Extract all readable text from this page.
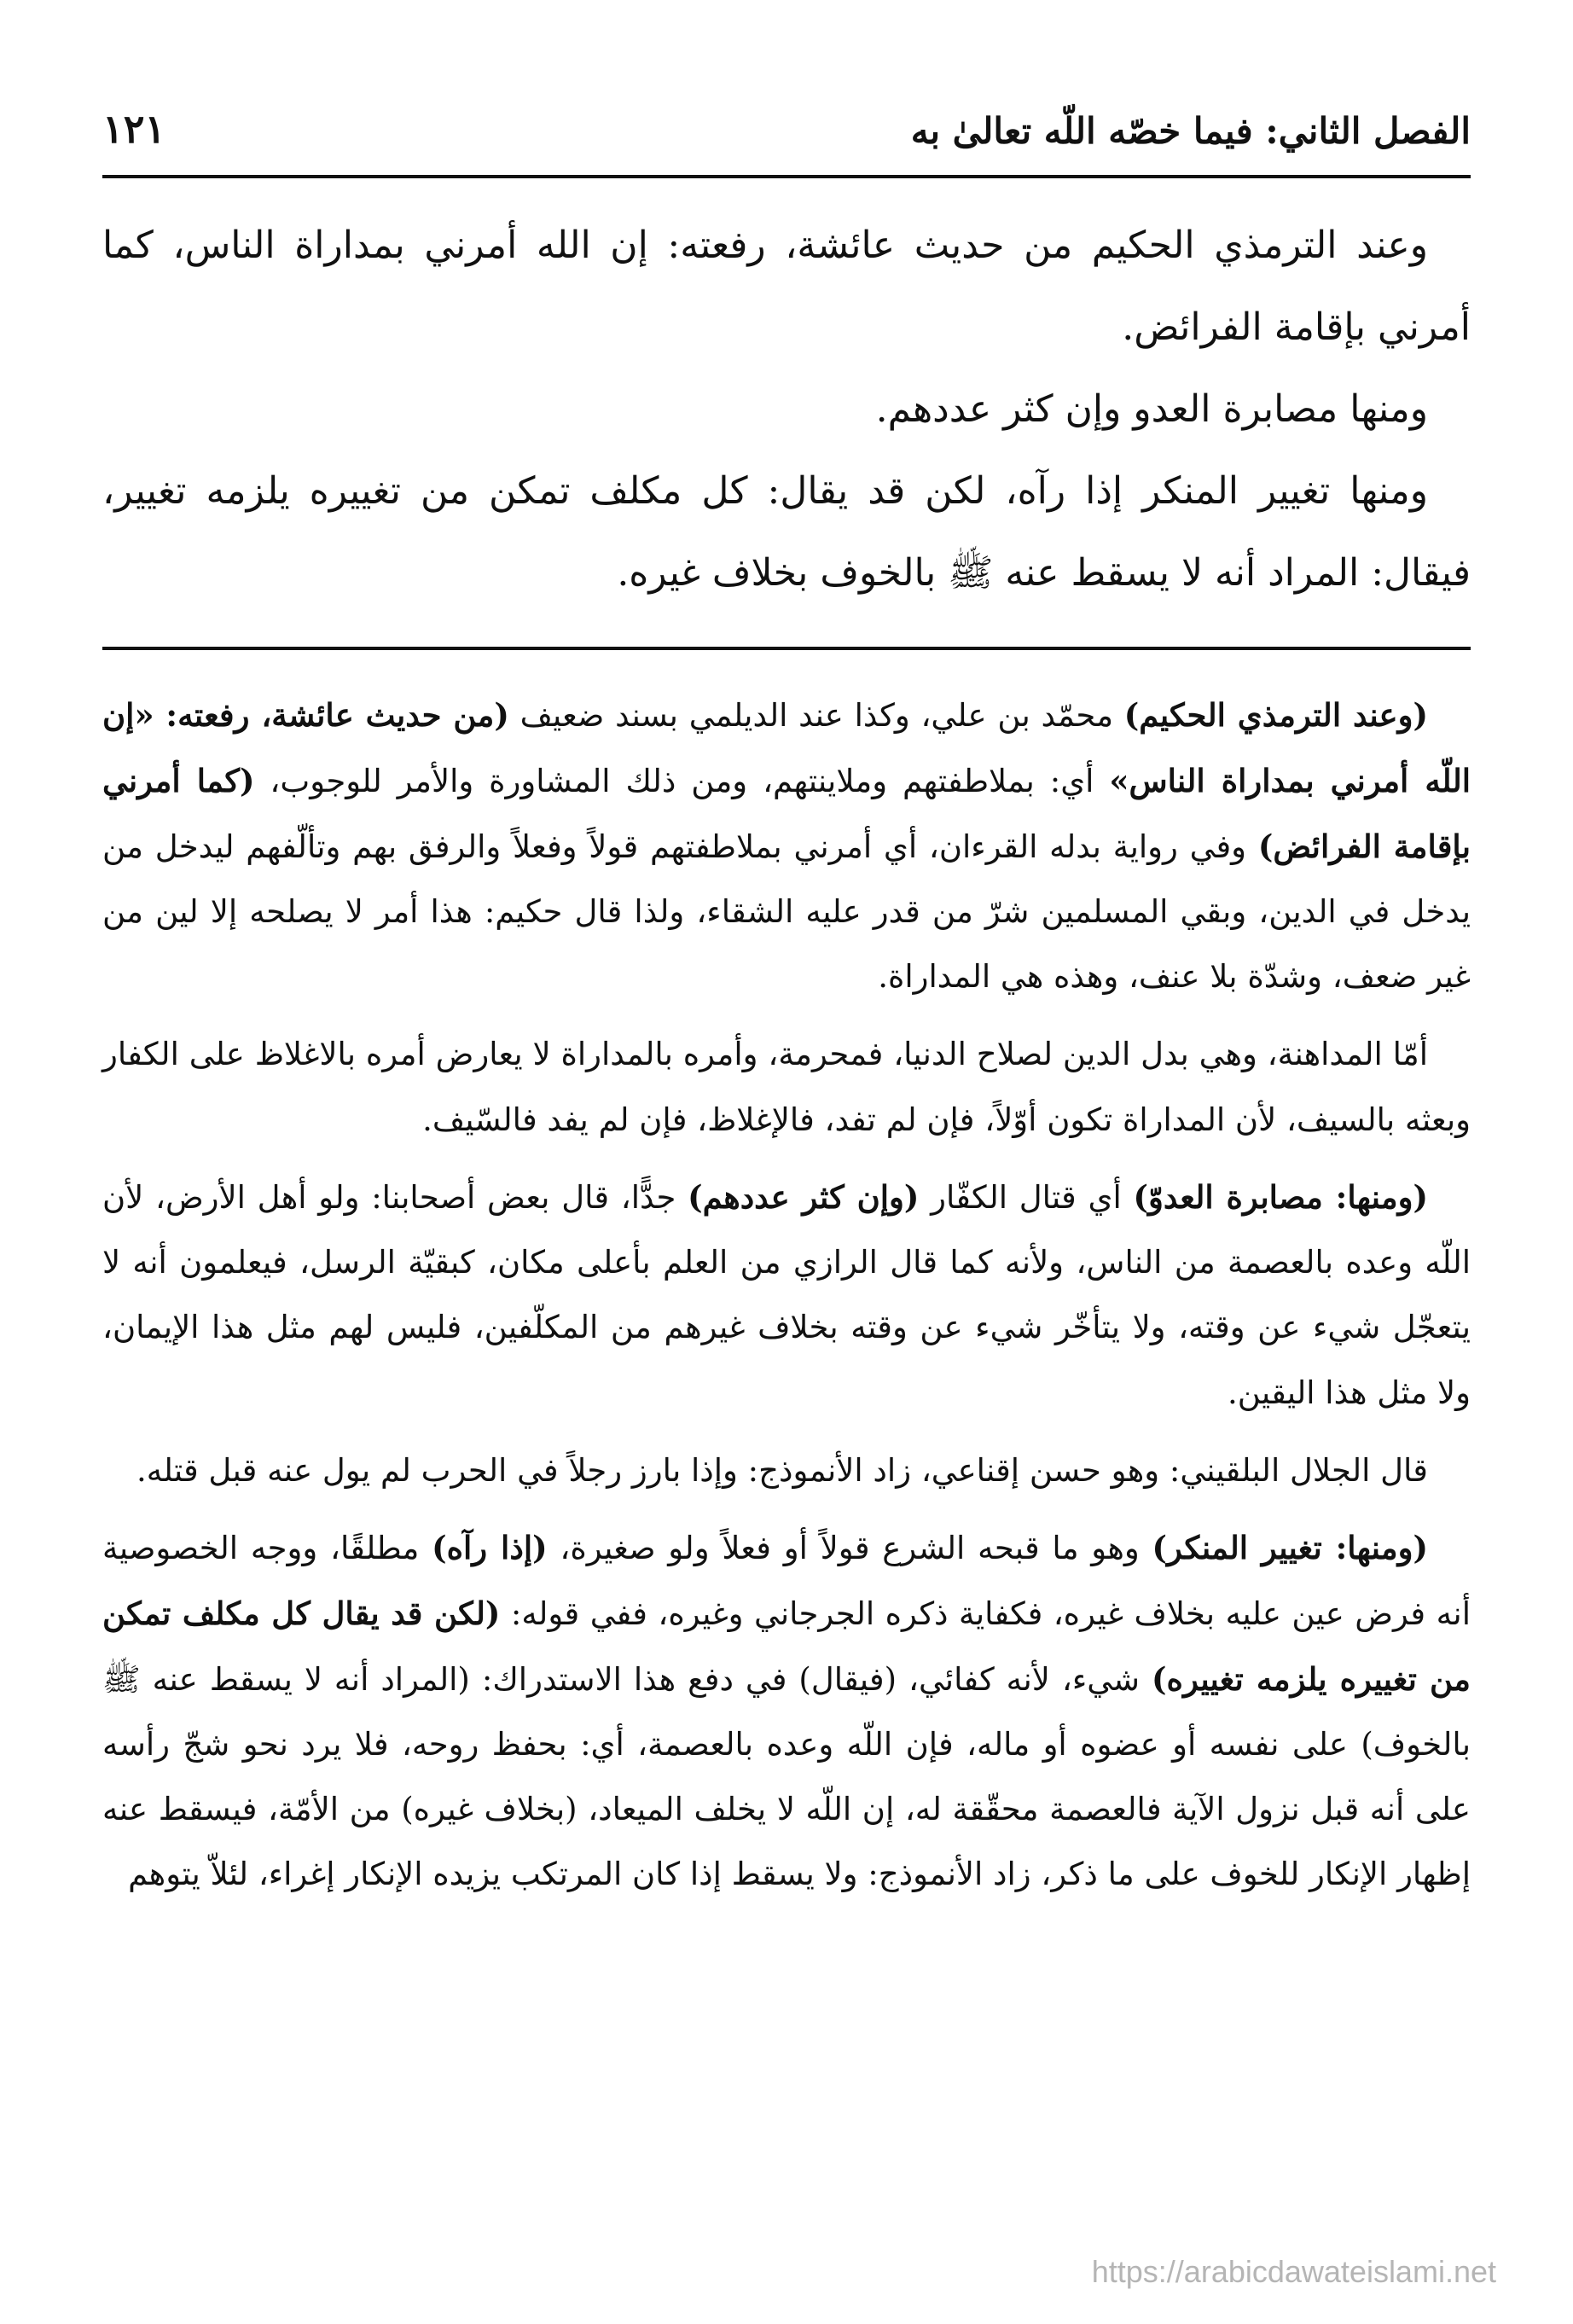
الفصل الثاني: فيما خصّه اللّه تعالىٰ به
١٢١

وعند الترمذي الحكيم من حديث عائشة، رفعته: إن الله أمرني بمداراة الناس، كما أمرني بإقامة الفرائض.

ومنها مصابرة العدو وإن كثر عددهم.

ومنها تغيير المنكر إذا رآه، لكن قد يقال: كل مكلف تمكن من تغييره يلزمه تغيير، فيقال: المراد أنه لا يسقط عنه ﷺ بالخوف بخلاف غيره.

(وعند الترمذي الحكيم) محمّد بن علي، وكذا عند الديلمي بسند ضعيف (من حديث عائشة، رفعته: «إن اللّه أمرني بمداراة الناس» أي: بملاطفتهم وملاينتهم، ومن ذلك المشاورة والأمر للوجوب، (كما أمرني بإقامة الفرائض) وفي رواية بدله القرءان، أي أمرني بملاطفتهم قولاً وفعلاً والرفق بهم وتألّفهم ليدخل من يدخل في الدين، وبقي المسلمين شرّ من قدر عليه الشقاء، ولذا قال حكيم: هذا أمر لا يصلحه إلا لين من غير ضعف، وشدّة بلا عنف، وهذه هي المداراة.

أمّا المداهنة، وهي بدل الدين لصلاح الدنيا، فمحرمة، وأمره بالمداراة لا يعارض أمره بالاغلاظ على الكفار وبعثه بالسيف، لأن المداراة تكون أوّلاً، فإن لم تفد، فالإغلاظ، فإن لم يفد فالسّيف.

(ومنها: مصابرة العدوّ) أي قتال الكفّار (وإن كثر عددهم) جدًّا، قال بعض أصحابنا: ولو أهل الأرض، لأن اللّه وعده بالعصمة من الناس، ولأنه كما قال الرازي من العلم بأعلى مكان، كبقيّة الرسل، فيعلمون أنه لا يتعجّل شيء عن وقته، ولا يتأخّر شيء عن وقته بخلاف غيرهم من المكلّفين، فليس لهم مثل هذا الإيمان، ولا مثل هذا اليقين.

قال الجلال البلقيني: وهو حسن إقناعي، زاد الأنموذج: وإذا بارز رجلاً في الحرب لم يول عنه قبل قتله.

(ومنها: تغيير المنكر) وهو ما قبحه الشرع قولاً أو فعلاً ولو صغيرة، (إذا رآه) مطلقًا، ووجه الخصوصية أنه فرض عين عليه بخلاف غيره، فكفاية ذكره الجرجاني وغيره، ففي قوله: (لكن قد يقال كل مكلف تمكن من تغييره يلزمه تغييره) شيء، لأنه كفائي، (فيقال) في دفع هذا الاستدراك: (المراد أنه لا يسقط عنه ﷺ بالخوف) على نفسه أو عضوه أو ماله، فإن اللّه وعده بالعصمة، أي: بحفظ روحه، فلا يرد نحو شجّ رأسه على أنه قبل نزول الآية فالعصمة محقّقة له، إن اللّه لا يخلف الميعاد، (بخلاف غيره) من الأمّة، فيسقط عنه إظهار الإنكار للخوف على ما ذكر، زاد الأنموذج: ولا يسقط إذا كان المرتكب يزيده الإنكار إغراء، لئلاّ يتوهم

https://arabicdawateislami.net
